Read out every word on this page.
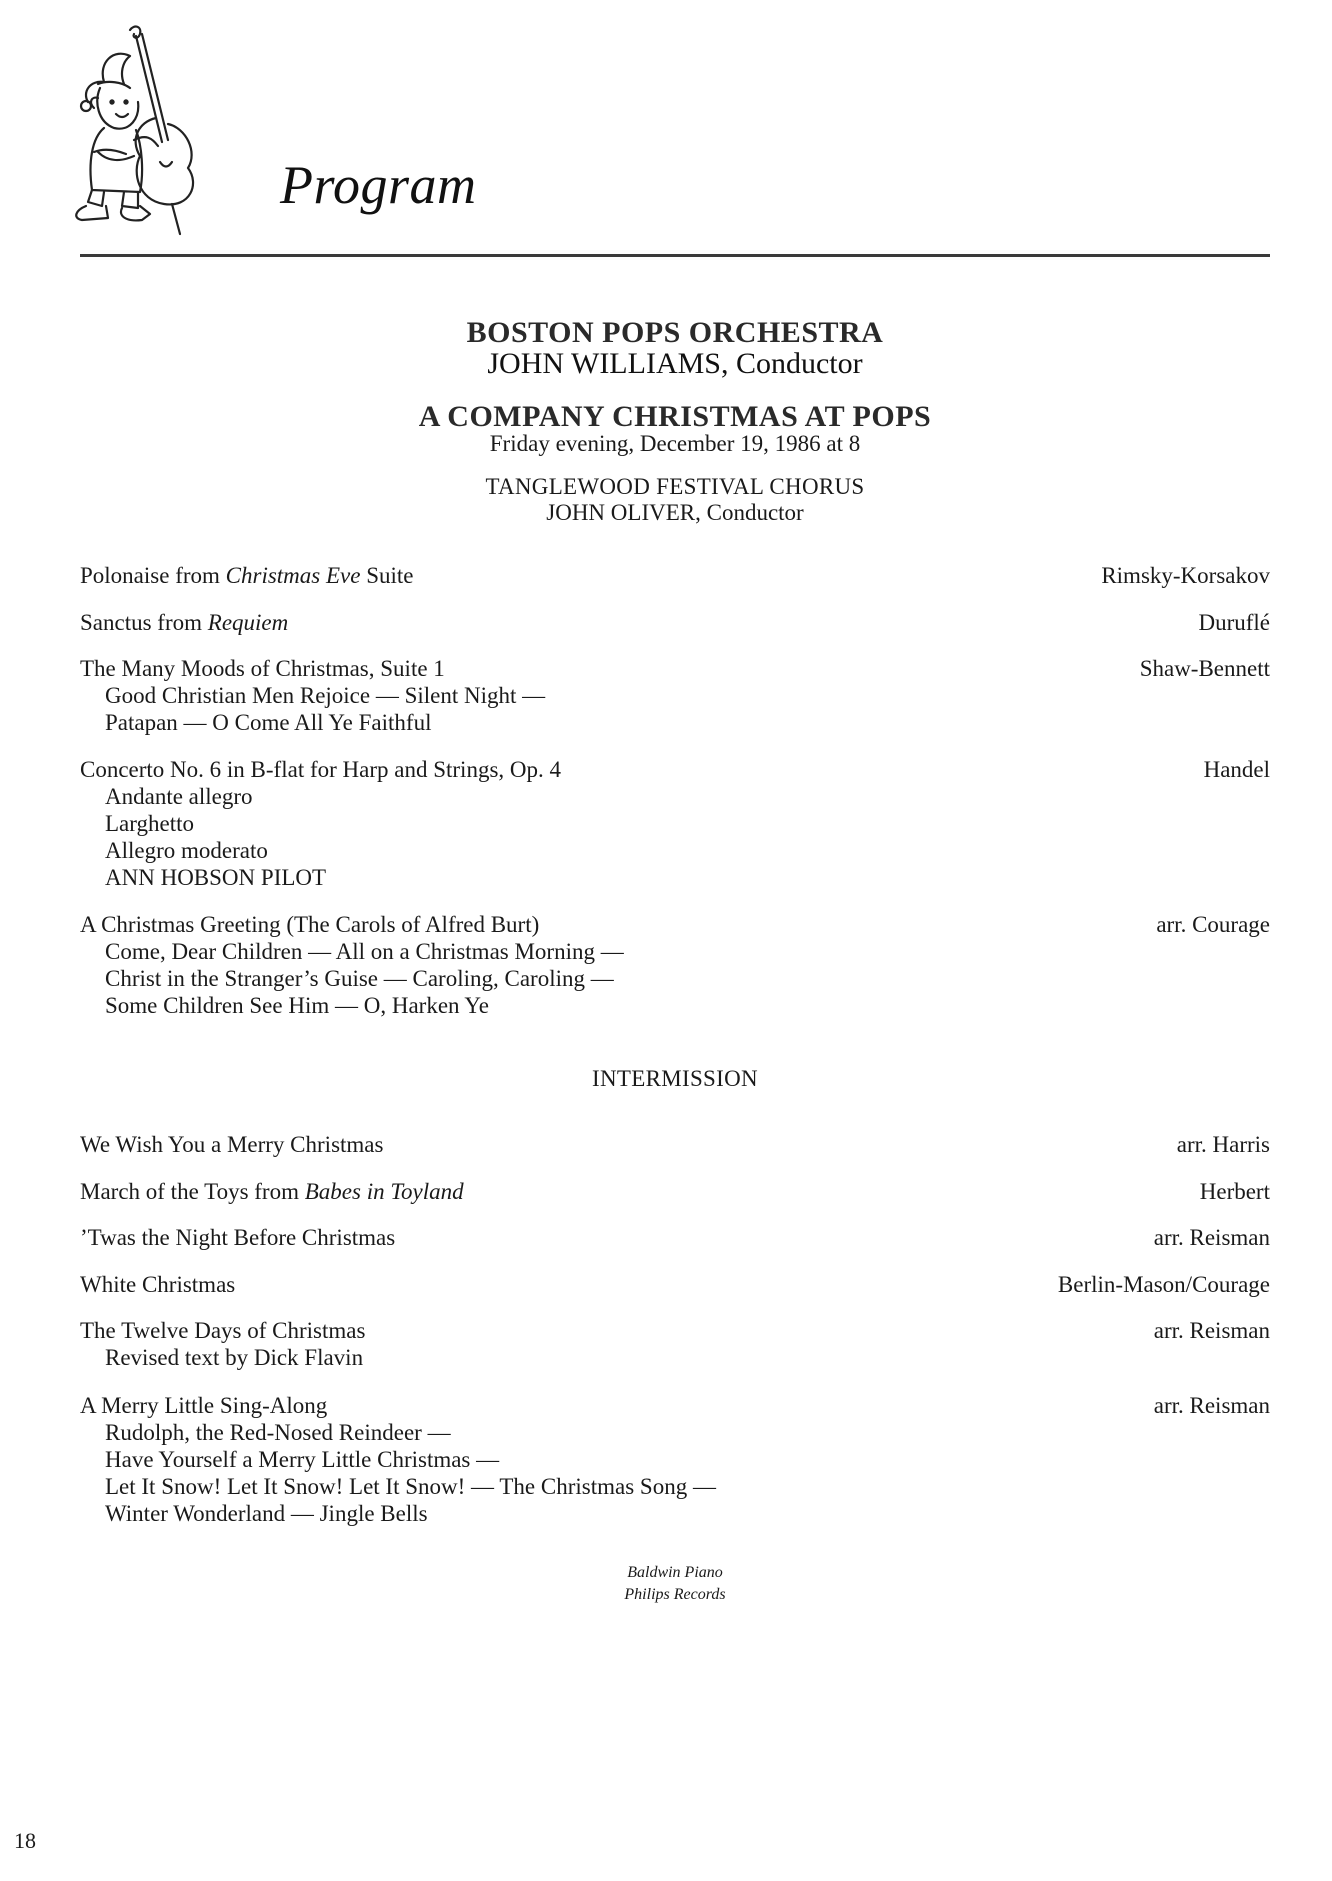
Program
BOSTON POPS ORCHESTRA
JOHN WILLIAMS, Conductor
A COMPANY CHRISTMAS AT POPS
Friday evening, December 19, 1986 at 8
TANGLEWOOD FESTIVAL CHORUS
JOHN OLIVER, Conductor
Polonaise from Christmas Eve Suite	Rimsky-Korsakov
Sanctus from Requiem	Duruflé
The Many Moods of Christmas, Suite 1	Shaw-Bennett
Good Christian Men Rejoice — Silent Night —
Patapan — O Come All Ye Faithful
Concerto No. 6 in B-flat for Harp and Strings, Op. 4	Handel
Andante allegro
Larghetto
Allegro moderato
ANN HOBSON PILOT
A Christmas Greeting (The Carols of Alfred Burt)	arr. Courage
Come, Dear Children — All on a Christmas Morning —
Christ in the Stranger’s Guise — Caroling, Caroling —
Some Children See Him — O, Harken Ye
INTERMISSION
We Wish You a Merry Christmas	arr. Harris
March of the Toys from Babes in Toyland	Herbert
’Twas the Night Before Christmas	arr. Reisman
White Christmas	Berlin-Mason/Courage
The Twelve Days of Christmas	arr. Reisman
Revised text by Dick Flavin
A Merry Little Sing-Along	arr. Reisman
Rudolph, the Red-Nosed Reindeer —
Have Yourself a Merry Little Christmas —
Let It Snow! Let It Snow! Let It Snow! — The Christmas Song —
Winter Wonderland — Jingle Bells
Baldwin Piano
Philips Records
18
